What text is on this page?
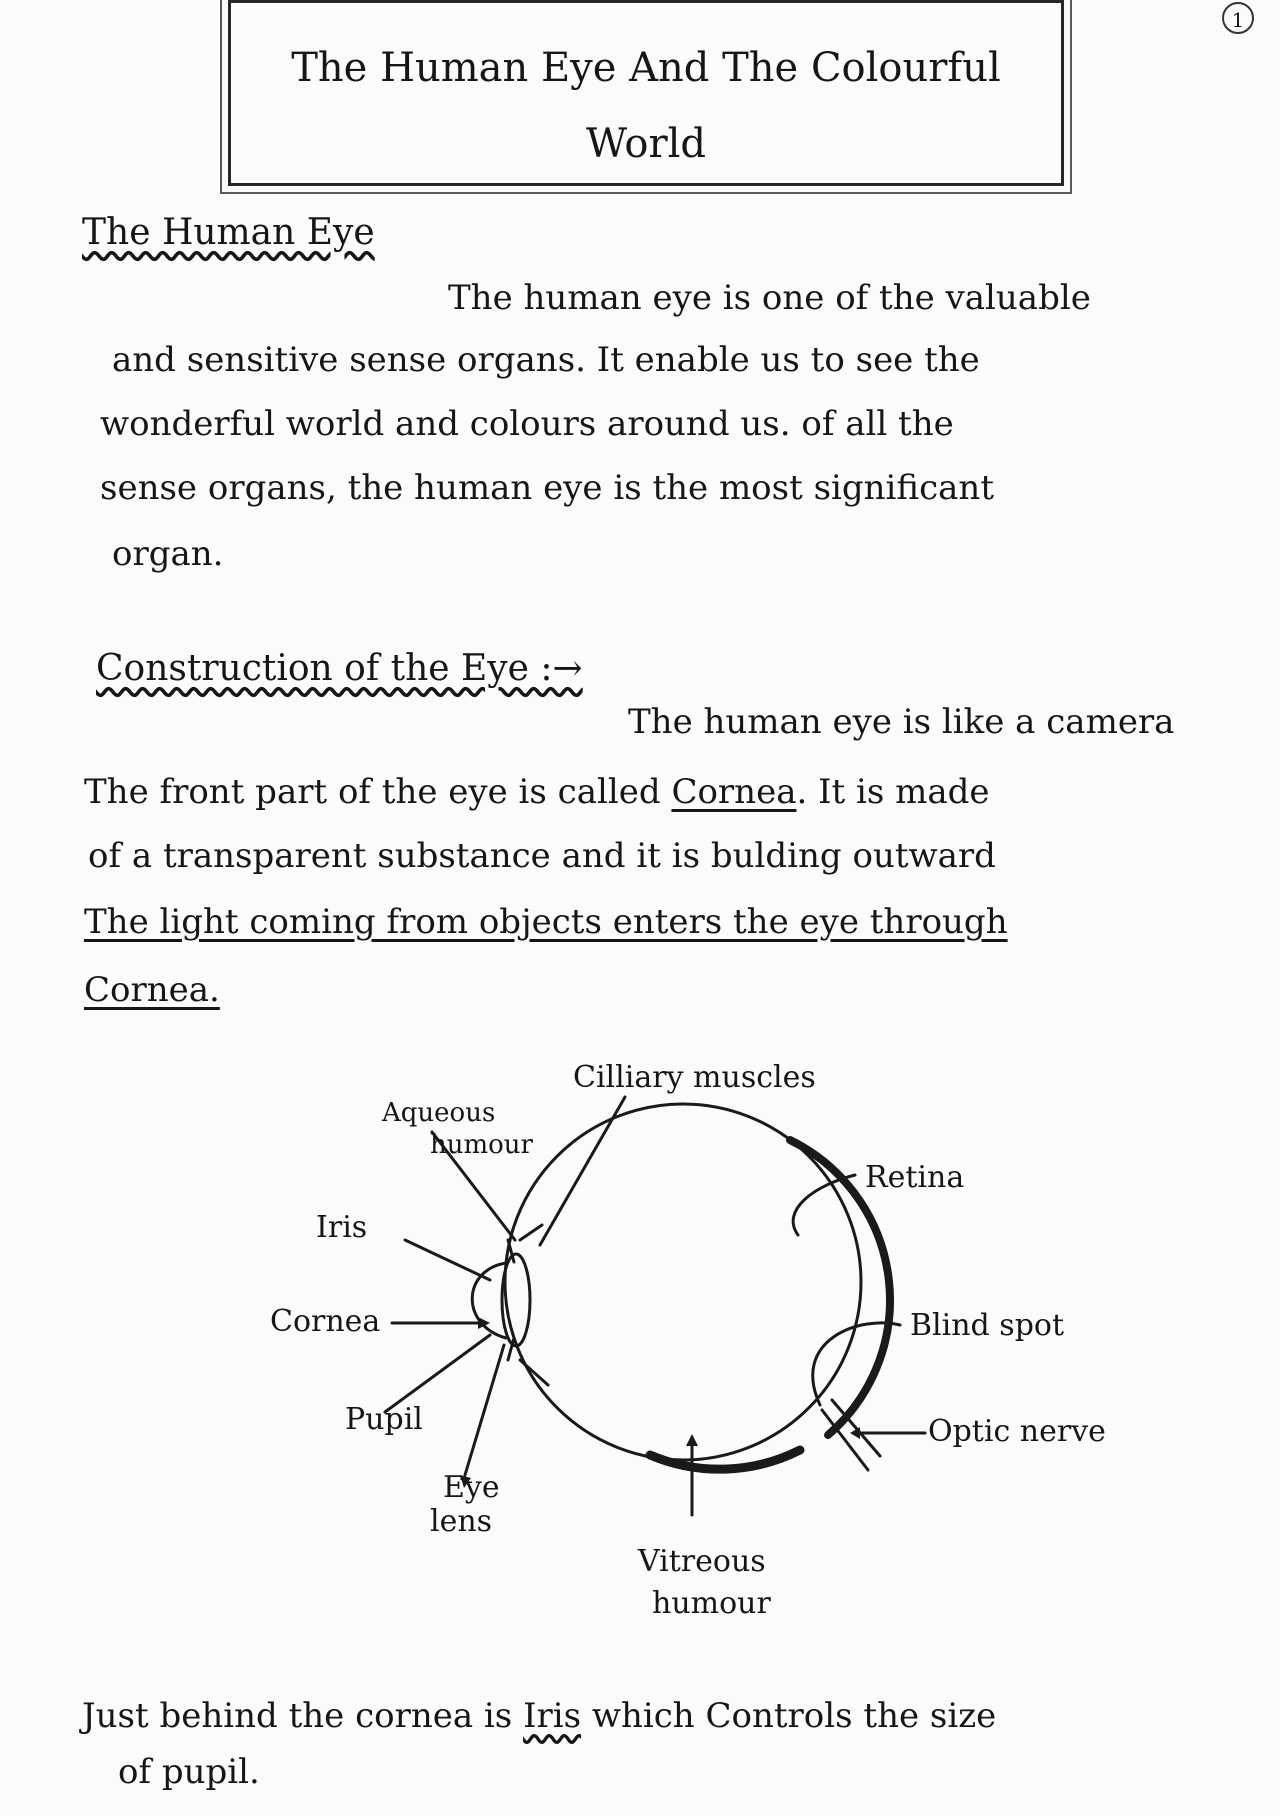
1
The Human Eye And The Colourful
World
The Human Eye
The human eye is one of the valuable
and sensitive sense organs. It enable us to see the
wonderful world and colours around us. of all the
sense organs, the human eye is the most significant
organ.
Construction of the Eye :→
The human eye is like a camera
The front part of the eye is called Cornea. It is made
of a transparent substance and it is bulding outward
The light coming from objects enters the eye through
Cornea.
Cilliary muscles
Aqueous
humour
Retina
Iris
Cornea	Blind spot
Pupil	Optic nerve
Eye
lens
Vitreous
humour
Just behind the cornea is Iris which Controls the size
of pupil.
